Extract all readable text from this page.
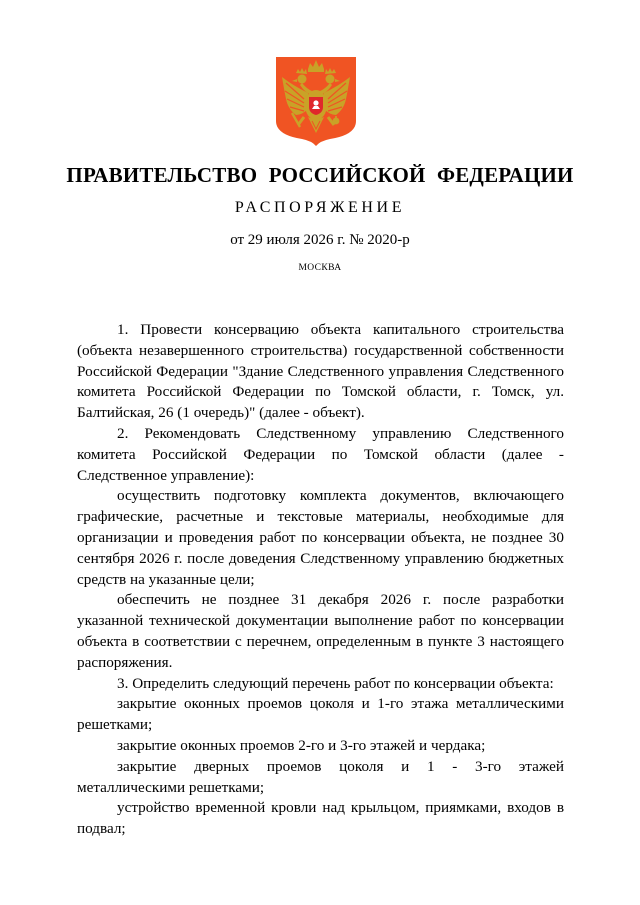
ПРАВИТЕЛЬСТВО РОССИЙСКОЙ ФЕДЕРАЦИИ
РАСПОРЯЖЕНИЕ
от 29 июля 2026 г. № 2020-р
МОСКВА

1. Провести консервацию объекта капитального строительства (объекта незавершенного строительства) государственной собственности Российской Федерации "Здание Следственного управления Следственного комитета Российской Федерации по Томской области, г. Томск, ул. Балтийская, 26 (1 очередь)" (далее - объект).

2. Рекомендовать Следственному управлению Следственного комитета Российской Федерации по Томской области (далее - Следственное управление):

осуществить подготовку комплекта документов, включающего графические, расчетные и текстовые материалы, необходимые для организации и проведения работ по консервации объекта, не позднее 30 сентября 2026 г. после доведения Следственному управлению бюджетных средств на указанные цели;

обеспечить не позднее 31 декабря 2026 г. после разработки указанной технической документации выполнение работ по консервации объекта в соответствии с перечнем, определенным в пункте 3 настоящего распоряжения.

3. Определить следующий перечень работ по консервации объекта:

закрытие оконных проемов цоколя и 1-го этажа металлическими решетками;

закрытие оконных проемов 2-го и 3-го этажей и чердака;

закрытие дверных проемов цоколя и 1 - 3-го этажей металлическими решетками;

устройство временной кровли над крыльцом, приямками, входов в подвал;
